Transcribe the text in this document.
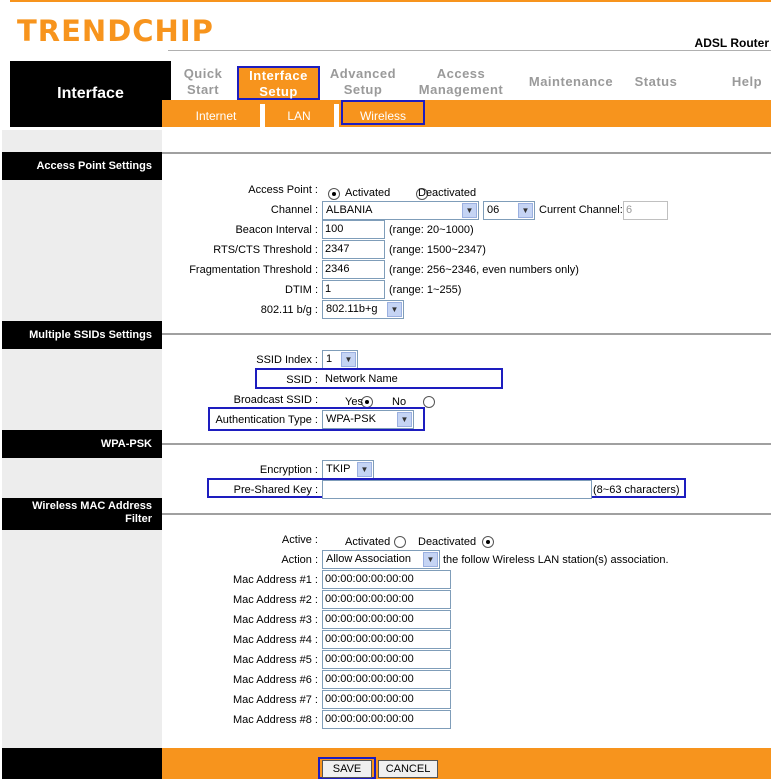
TRENDCHIP	ADSL Router
Interface
Quick
Start
Interface
Setup
Advanced
Setup
Access
Management
Maintenance	Status	Help
Internet	LAN	Wireless
Access Point Settings
Access Point :
Activated
	Deactivated
Channel : ALBANIA	▼	06	▼ Current Channel: 6
Beacon Interval : 100	(range: 20~1000)
RTS/CTS Threshold : 2347	(range: 1500~2347)
Fragmentation Threshold : 2346	(range: 256~2346, even numbers only)
DTIM : 1	(range: 1~255)
802.11 b/g : 802.11b+g	▼
Multiple SSIDs Settings
SSID Index : 1	▼
SSID : Network Name
Broadcast SSID :
Yes
	No
Authentication Type : WPA-PSK	▼
WPA-PSK
Encryption : TKIP	▼
Pre-Shared Key :	(8~63 characters)
Wireless MAC Address
Filter
Active :
Activated	Deactivated
Action : Allow Association	▼ the follow Wireless LAN station(s) association.
Mac Address #1 : 00:00:00:00:00:00
Mac Address #2 : 00:00:00:00:00:00
Mac Address #3 : 00:00:00:00:00:00
Mac Address #4 : 00:00:00:00:00:00
Mac Address #5 : 00:00:00:00:00:00
Mac Address #6 : 00:00:00:00:00:00
Mac Address #7 : 00:00:00:00:00:00
Mac Address #8 : 00:00:00:00:00:00
SAVE	CANCEL
